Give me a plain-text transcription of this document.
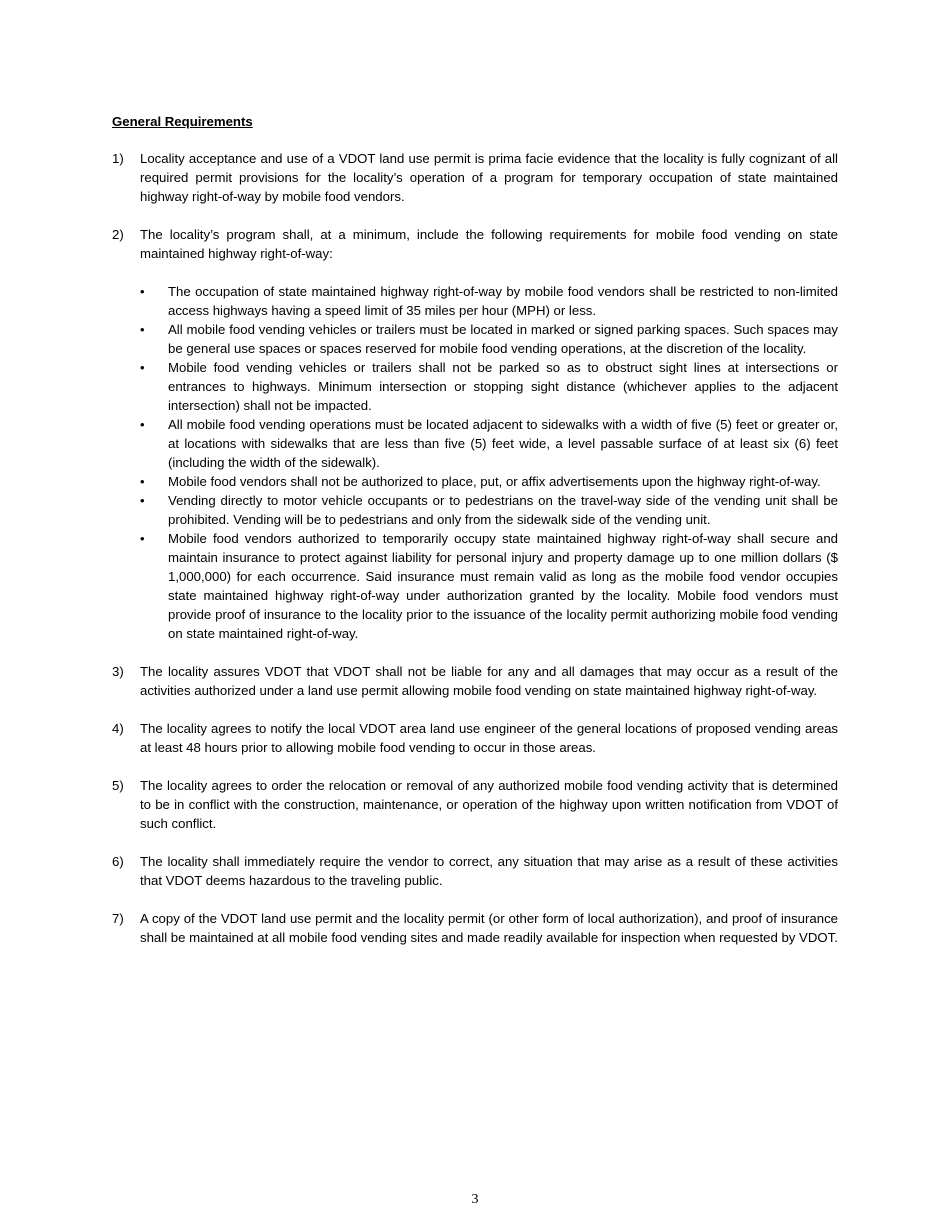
General Requirements
1) Locality acceptance and use of a VDOT land use permit is prima facie evidence that the locality is fully cognizant of all required permit provisions for the locality’s operation of a program for temporary occupation of state maintained highway right-of-way by mobile food vendors.
2) The locality’s program shall, at a minimum, include the following requirements for mobile food vending on state maintained highway right-of-way:
• The occupation of state maintained highway right-of-way by mobile food vendors shall be restricted to non-limited access highways having a speed limit of 35 miles per hour (MPH) or less.
• All mobile food vending vehicles or trailers must be located in marked or signed parking spaces. Such spaces may be general use spaces or spaces reserved for mobile food vending operations, at the discretion of the locality.
• Mobile food vending vehicles or trailers shall not be parked so as to obstruct sight lines at intersections or entrances to highways. Minimum intersection or stopping sight distance (whichever applies to the adjacent intersection) shall not be impacted.
• All mobile food vending operations must be located adjacent to sidewalks with a width of five (5) feet or greater or, at locations with sidewalks that are less than five (5) feet wide, a level passable surface of at least six (6) feet (including the width of the sidewalk).
• Mobile food vendors shall not be authorized to place, put, or affix advertisements upon the highway right-of-way.
• Vending directly to motor vehicle occupants or to pedestrians on the travel-way side of the vending unit shall be prohibited. Vending will be to pedestrians and only from the sidewalk side of the vending unit.
• Mobile food vendors authorized to temporarily occupy state maintained highway right-of-way shall secure and maintain insurance to protect against liability for personal injury and property damage up to one million dollars ($ 1,000,000) for each occurrence. Said insurance must remain valid as long as the mobile food vendor occupies state maintained highway right-of-way under authorization granted by the locality. Mobile food vendors must provide proof of insurance to the locality prior to the issuance of the locality permit authorizing mobile food vending on state maintained right-of-way.
3) The locality assures VDOT that VDOT shall not be liable for any and all damages that may occur as a result of the activities authorized under a land use permit allowing mobile food vending on state maintained highway right-of-way.
4) The locality agrees to notify the local VDOT area land use engineer of the general locations of proposed vending areas at least 48 hours prior to allowing mobile food vending to occur in those areas.
5) The locality agrees to order the relocation or removal of any authorized mobile food vending activity that is determined to be in conflict with the construction, maintenance, or operation of the highway upon written notification from VDOT of such conflict.
6) The locality shall immediately require the vendor to correct, any situation that may arise as a result of these activities that VDOT deems hazardous to the traveling public.
7) A copy of the VDOT land use permit and the locality permit (or other form of local authorization), and proof of insurance shall be maintained at all mobile food vending sites and made readily available for inspection when requested by VDOT.
3
